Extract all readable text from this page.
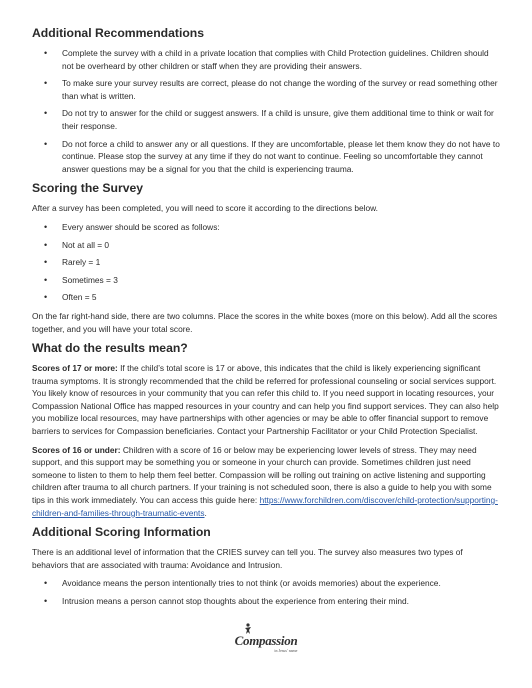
Additional Recommendations
• Complete the survey with a child in a private location that complies with Child Protection guidelines. Children should not be overheard by other children or staff when they are providing their answers.
• To make sure your survey results are correct, please do not change the wording of the survey or read something other than what is written.
• Do not try to answer for the child or suggest answers. If a child is unsure, give them additional time to think or wait for their response.
• Do not force a child to answer any or all questions. If they are uncomfortable, please let them know they do not have to continue. Please stop the survey at any time if they do not want to continue. Feeling so uncomfortable they cannot answer questions may be a signal for you that the child is experiencing trauma.
Scoring the Survey

After a survey has been completed, you will need to score it according to the directions below.

• Every answer should be scored as follows:
• Not at all = 0
• Rarely = 1
• Sometimes = 3
• Often = 5

On the far right-hand side, there are two columns. Place the scores in the white boxes (more on this below). Add all the scores together, and you will have your total score.

What do the results mean?

Scores of 17 or more: If the child’s total score is 17 or above, this indicates that the child is likely experiencing significant trauma symptoms. It is strongly recommended that the child be referred for professional counseling or social services support. You likely know of resources in your community that you can refer this child to. If you need support in locating resources, your Compassion National Office has mapped resources in your country and can help you find support services. They can also help you mobilize local resources, may have partnerships with other agencies or may be able to offer financial support to remove barriers to services for Compassion beneficiaries. Contact your Partnership Facilitator or your Child Protection Specialist.

Scores of 16 or under: Children with a score of 16 or below may be experiencing lower levels of stress. They may need support, and this support may be something you or someone in your church can provide. Sometimes children just need someone to listen to them to help them feel better. Compassion will be rolling out training on active listening and supporting children after trauma to all church partners. If your training is not scheduled soon, there is also a guide to help you with some tips in this work immediately. You can access this guide here: https://www.forchildren.com/discover/child-protection/supporting-children-and-families-through-traumatic-events.

Additional Scoring Information

There is an additional level of information that the CRIES survey can tell you. The survey also measures two types of behaviors that are associated with trauma: Avoidance and Intrusion.

• Avoidance means the person intentionally tries to not think (or avoids memories) about the experience.
• Intrusion means a person cannot stop thoughts about the experience from entering their mind.
Compassion
in Jesus' name
